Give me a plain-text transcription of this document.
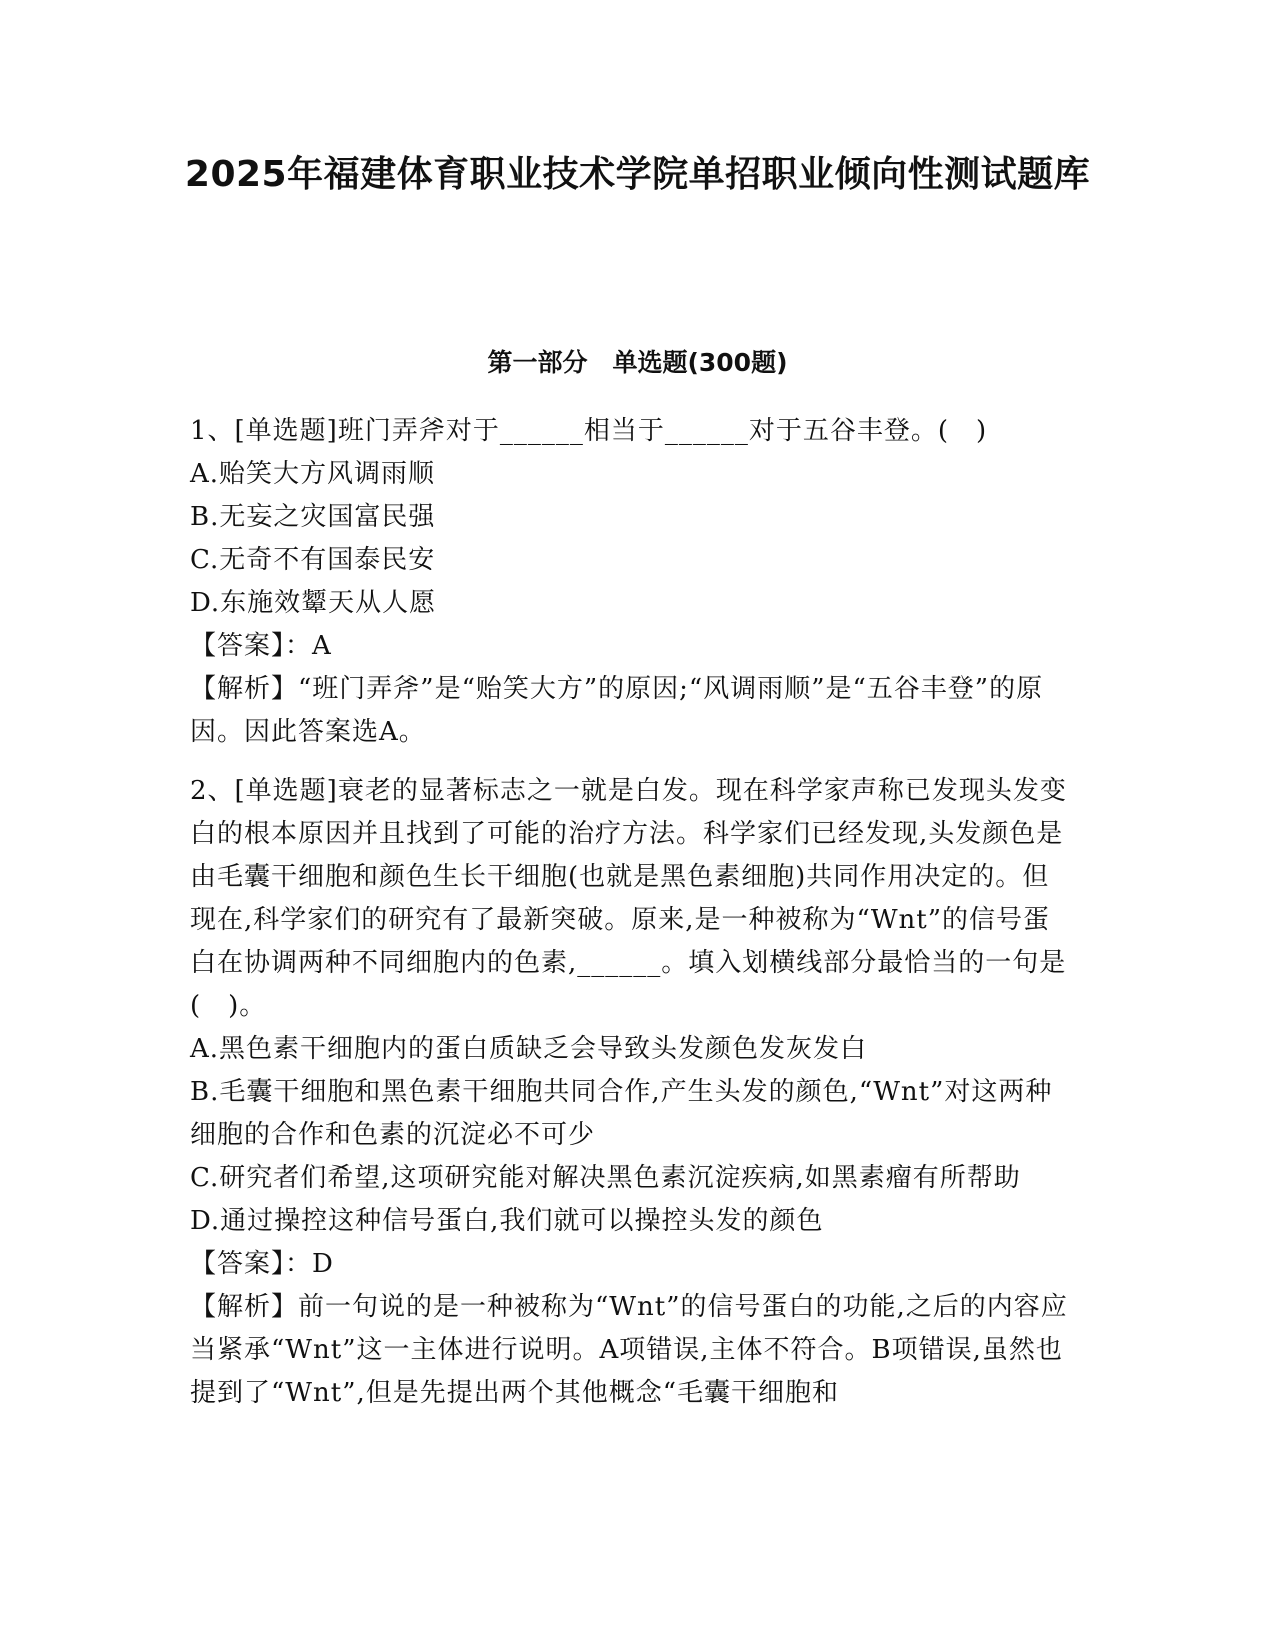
2025年福建体育职业技术学院单招职业倾向性测试题库
第一部分　单选题(300题)

1、[单选题]班门弄斧对于______相当于______对于五谷丰登。(　)

A.贻笑大方风调雨顺

B.无妄之灾国富民强

C.无奇不有国泰民安

D.东施效颦天从人愿

【答案】：A

【解析】“班门弄斧”是“贻笑大方”的原因;“风调雨顺”是“五谷丰登”的原因。因此答案选A。

2、[单选题]衰老的显著标志之一就是白发。现在科学家声称已发现头发变白的根本原因并且找到了可能的治疗方法。科学家们已经发现,头发颜色是由毛囊干细胞和颜色生长干细胞(也就是黑色素细胞)共同作用决定的。但现在,科学家们的研究有了最新突破。原来,是一种被称为“Wnt”的信号蛋白在协调两种不同细胞内的色素,______。填入划横线部分最恰当的一句是(　)。

A.黑色素干细胞内的蛋白质缺乏会导致头发颜色发灰发白

B.毛囊干细胞和黑色素干细胞共同合作,产生头发的颜色,“Wnt”对这两种细胞的合作和色素的沉淀必不可少

C.研究者们希望,这项研究能对解决黑色素沉淀疾病,如黑素瘤有所帮助

D.通过操控这种信号蛋白,我们就可以操控头发的颜色

【答案】：D

【解析】前一句说的是一种被称为“Wnt”的信号蛋白的功能,之后的内容应当紧承“Wnt”这一主体进行说明。A项错误,主体不符合。B项错误,虽然也提到了“Wnt”,但是先提出两个其他概念“毛囊干细胞和
